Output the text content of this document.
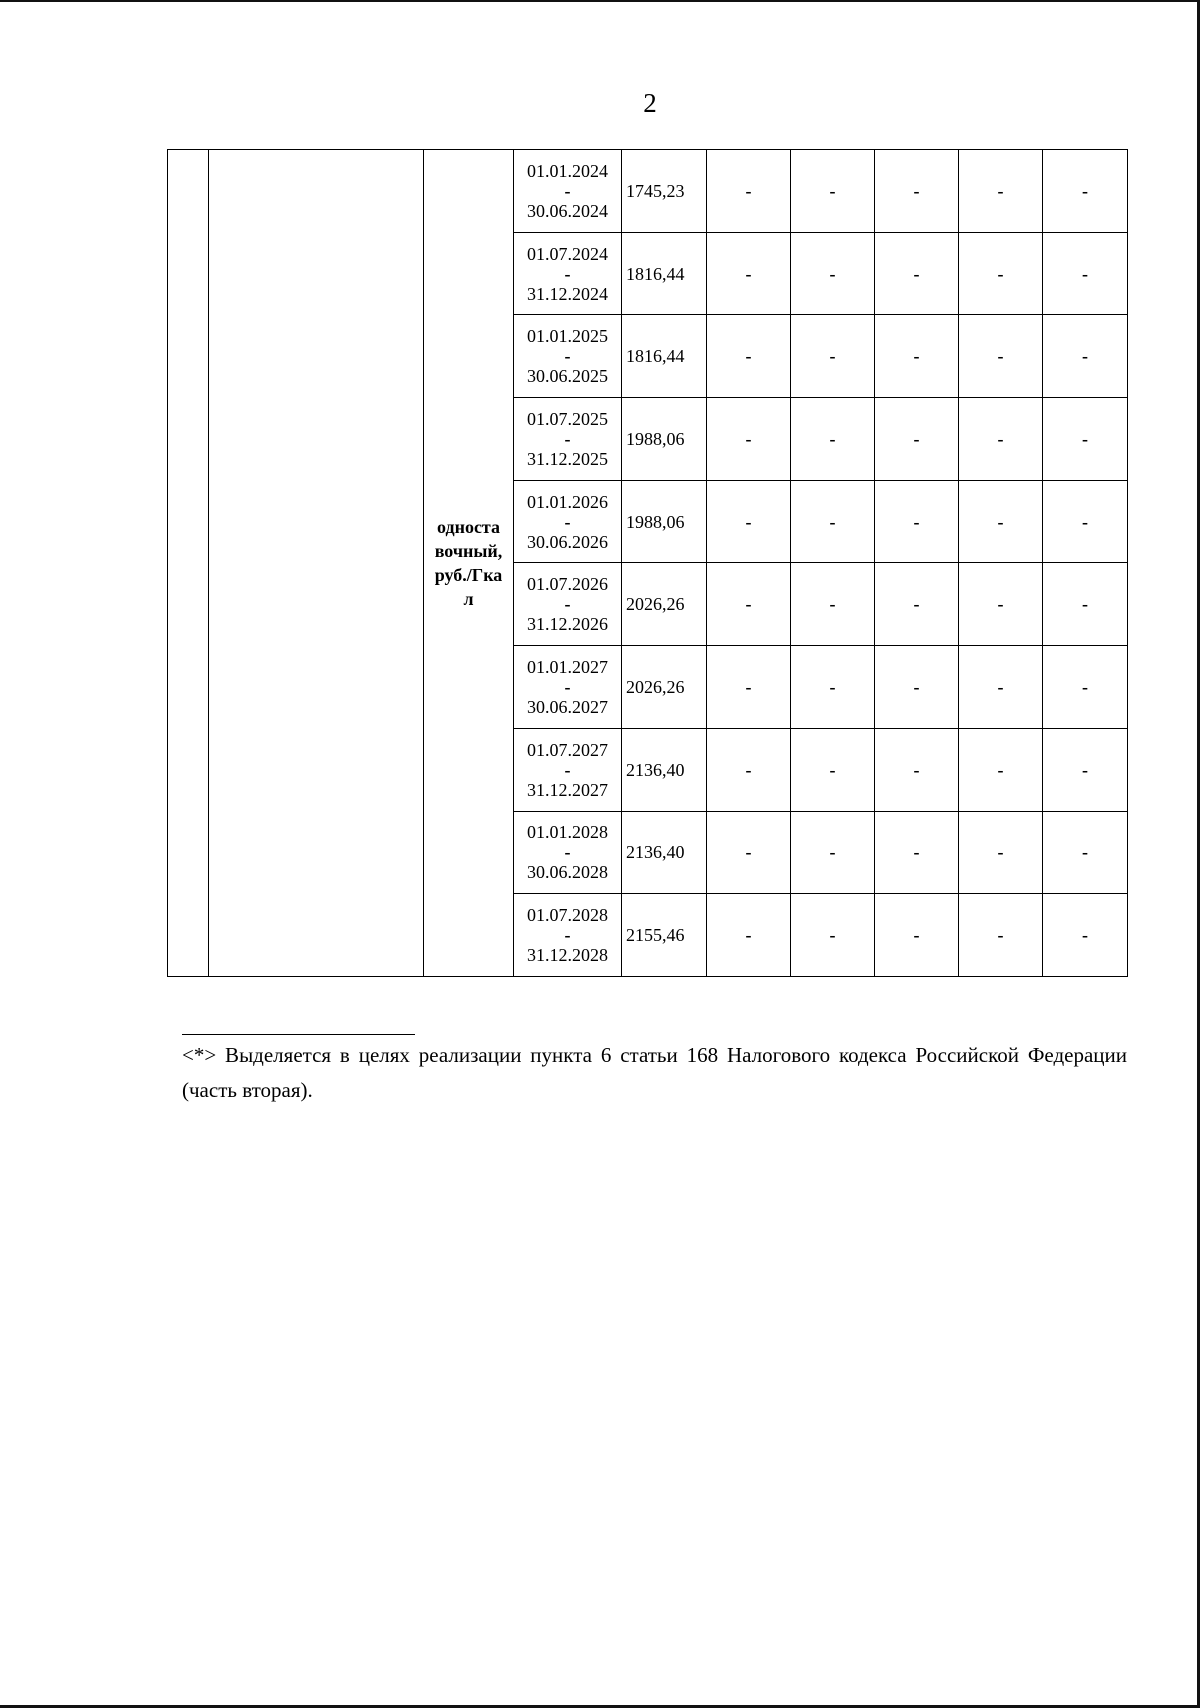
2
		односта вочный, руб./Гкал	01.01.2024
-
30.06.2024	1745,23	-	-	-	-	-

			01.07.2024
-
31.12.2024	1816,44	-	-	-	-	-

			01.01.2025
-
30.06.2025	1816,44	-	-	-	-	-

			01.07.2025
-
31.12.2025	1988,06	-	-	-	-	-

			01.01.2026
-
30.06.2026	1988,06	-	-	-	-	-

			01.07.2026
-
31.12.2026	2026,26	-	-	-	-	-

			01.01.2027
-
30.06.2027	2026,26	-	-	-	-	-

			01.07.2027
-
31.12.2027	2136,40	-	-	-	-	-

			01.01.2028
-
30.06.2028	2136,40	-	-	-	-	-

			01.07.2028
-
31.12.2028	2155,46	-	-	-	-	-
<*> Выделяется в целях реализации пункта 6 статьи 168 Налогового кодекса Российской Федерации (часть вторая).
